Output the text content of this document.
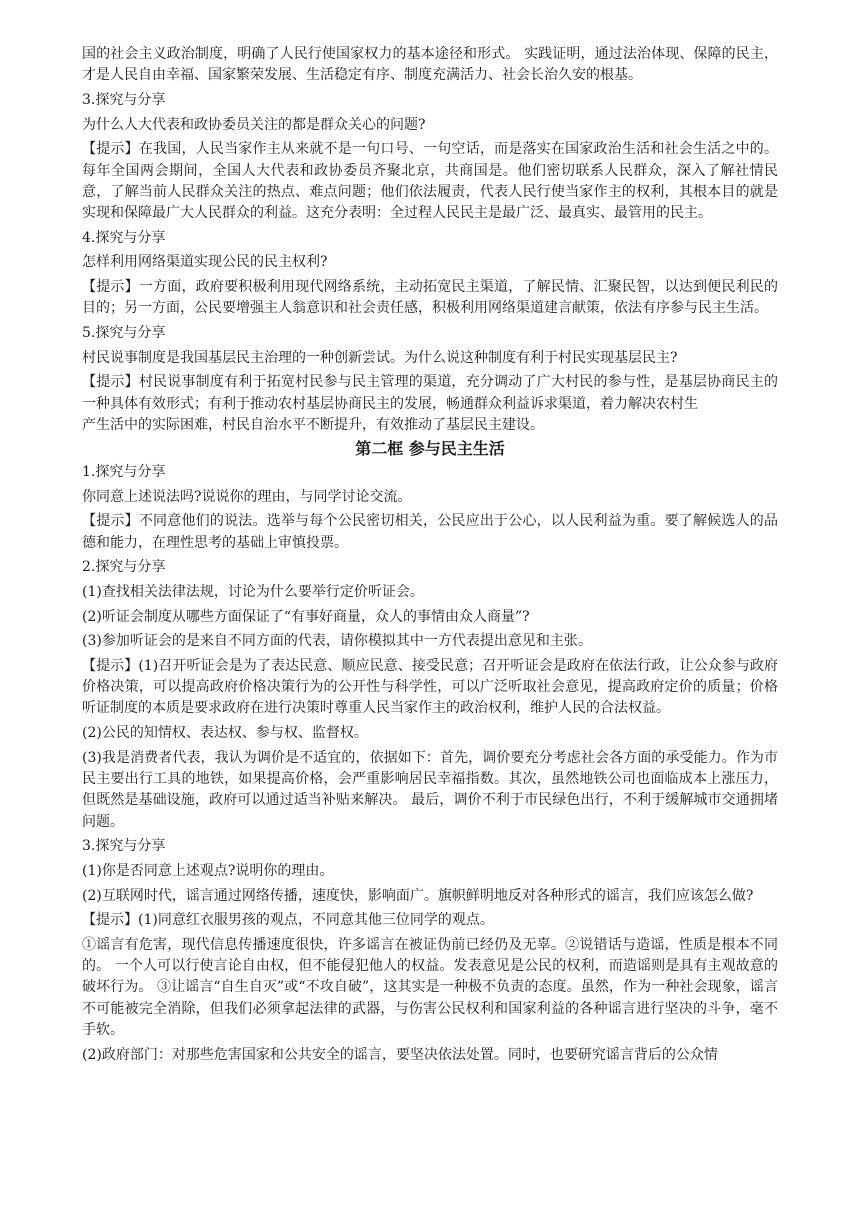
国的社会主义政治制度，明确了人民行使国家权力的基本途径和形式。 实践证明，通过法治体现、保障的民主，才是人民自由幸福、国家繁荣发展、生活稳定有序、制度充满活力、社会长治久安的根基。

3.探究与分享

为什么人大代表和政协委员关注的都是群众关心的问题?

【提示】在我国，人民当家作主从来就不是一句口号、一句空话，而是落实在国家政治生活和社会生活之中的。每年全国两会期间，全国人大代表和政协委员齐聚北京，共商国是。他们密切联系人民群众，深入了解社情民意，了解当前人民群众关注的热点、难点问题；他们依法履责，代表人民行使当家作主的权利，其根本目的就是实现和保障最广大人民群众的利益。这充分表明：全过程人民民主是最广泛、最真实、最管用的民主。

4.探究与分享

怎样利用网络渠道实现公民的民主权利?

【提示】一方面，政府要积极利用现代网络系统，主动拓宽民主渠道，了解民情、汇聚民智，以达到便民利民的目的；另一方面，公民要增强主人翁意识和社会责任感，积极利用网络渠道建言献策，依法有序参与民主生活。

5.探究与分享

村民说事制度是我国基层民主治理的一种创新尝试。为什么说这种制度有利于村民实现基层民主?

【提示】村民说事制度有利于拓宽村民参与民主管理的渠道，充分调动了广大村民的参与性，是基层协商民主的一种具体有效形式；有利于推动农村基层协商民主的发展，畅通群众利益诉求渠道，着力解决农村生

产生活中的实际困难，村民自治水平不断提升，有效推动了基层民主建设。

第二框 参与民主生活

1.探究与分享

你同意上述说法吗?说说你的理由，与同学讨论交流。

【提示】不同意他们的说法。选举与每个公民密切相关，公民应出于公心，以人民利益为重。要了解候选人的品德和能力，在理性思考的基础上审慎投票。

2.探究与分享

(1)查找相关法律法规，讨论为什么要举行定价听证会。

(2)听证会制度从哪些方面保证了“有事好商量，众人的事情由众人商量”?

(3)参加听证会的是来自不同方面的代表，请你模拟其中一方代表提出意见和主张。

【提示】(1)召开听证会是为了表达民意、顺应民意、接受民意；召开听证会是政府在依法行政，让公众参与政府价格决策，可以提高政府价格决策行为的公开性与科学性，可以广泛听取社会意见，提高政府定价的质量；价格听证制度的本质是要求政府在进行决策时尊重人民当家作主的政治权利，维护人民的合法权益。

(2)公民的知情权、表达权、参与权、监督权。

(3)我是消费者代表，我认为调价是不适宜的，依据如下：首先，调价要充分考虑社会各方面的承受能力。作为市民主要出行工具的地铁，如果提高价格，会严重影响居民幸福指数。其次，虽然地铁公司也面临成本上涨压力，但既然是基础设施，政府可以通过适当补贴来解决。 最后，调价不利于市民绿色出行，不利于缓解城市交通拥堵问题。

3.探究与分享

(1)你是否同意上述观点?说明你的理由。

(2)互联网时代，谣言通过网络传播，速度快，影响面广。旗帜鲜明地反对各种形式的谣言，我们应该怎么做?

【提示】(1)同意红衣服男孩的观点，不同意其他三位同学的观点。

①谣言有危害，现代信息传播速度很快，许多谣言在被证伪前已经仍及无辜。②说错话与造谣，性质是根本不同的。 一个人可以行使言论自由权，但不能侵犯他人的权益。发表意见是公民的权利，而造谣则是具有主观故意的破坏行为。 ③让谣言“自生自灭”或“不攻自破”，这其实是一种极不负责的态度。虽然，作为一种社会现象，谣言不可能被完全消除，但我们必须拿起法律的武器，与伤害公民权利和国家利益的各种谣言进行坚决的斗争，毫不手软。

(2)政府部门：对那些危害国家和公共安全的谣言，要坚决依法处置。同时，也要研究谣言背后的公众情
